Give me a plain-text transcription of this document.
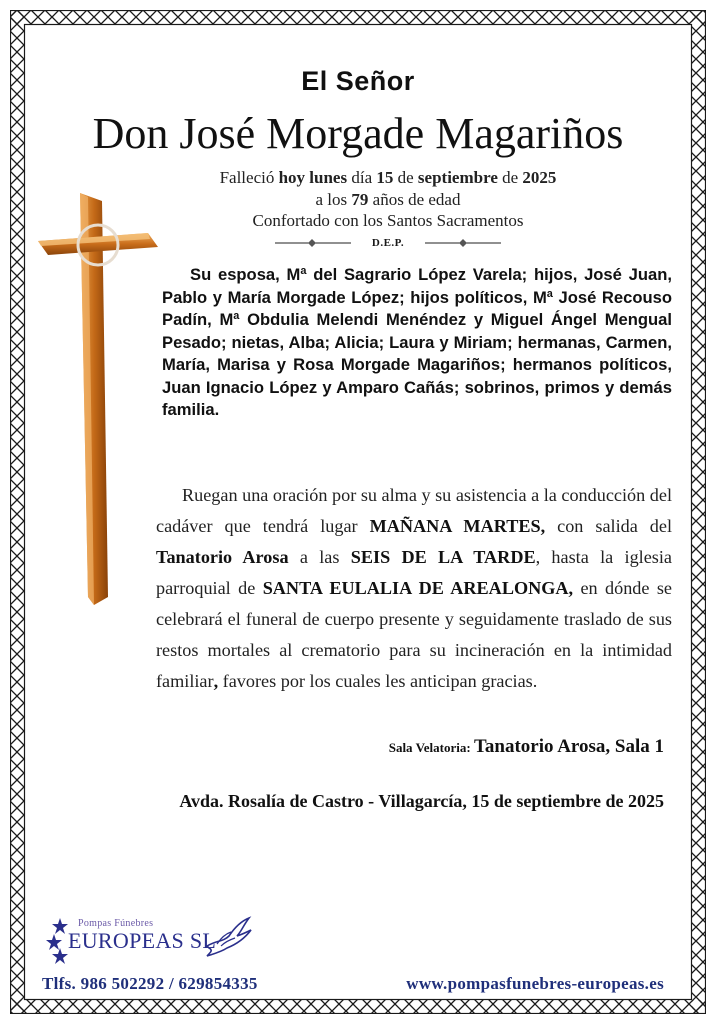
El Señor
Don José Morgade Magariños
Falleció hoy lunes día 15 de septiembre de 2025
a los 79 años de edad
Confortado con los Santos Sacramentos
D.E.P.
Su esposa, Mª del Sagrario López Varela; hijos, José Juan, Pablo y María Morgade López; hijos políticos, Mª José Recouso Padín, Mª Obdulia Melendi Menéndez y Miguel Ángel Mengual Pesado; nietas, Alba; Alicia; Laura y Miriam; hermanas, Carmen, María, Marisa y Rosa Morgade Magariños; hermanos políticos, Juan Ignacio López y Amparo Cañás; sobrinos, primos y demás familia.
Ruegan una oración por su alma y su asistencia a la conducción del cadáver que tendrá lugar MAÑANA MARTES, con salida del Tanatorio Arosa a las SEIS DE LA TARDE, hasta la iglesia parroquial de SANTA EULALIA DE AREALONGA, en dónde se celebrará el funeral de cuerpo presente y seguidamente traslado de sus restos mortales al crematorio para su incineración en la intimidad familiar, favores por los cuales les anticipan gracias.
Sala Velatoria: Tanatorio Arosa, Sala 1
Avda. Rosalía de Castro - Villagarcía, 15 de septiembre de 2025
Pompas Fúnebres
EUROPEAS SL
Tlfs. 986 502292 / 629854335	www.pompasfunebres-europeas.es
